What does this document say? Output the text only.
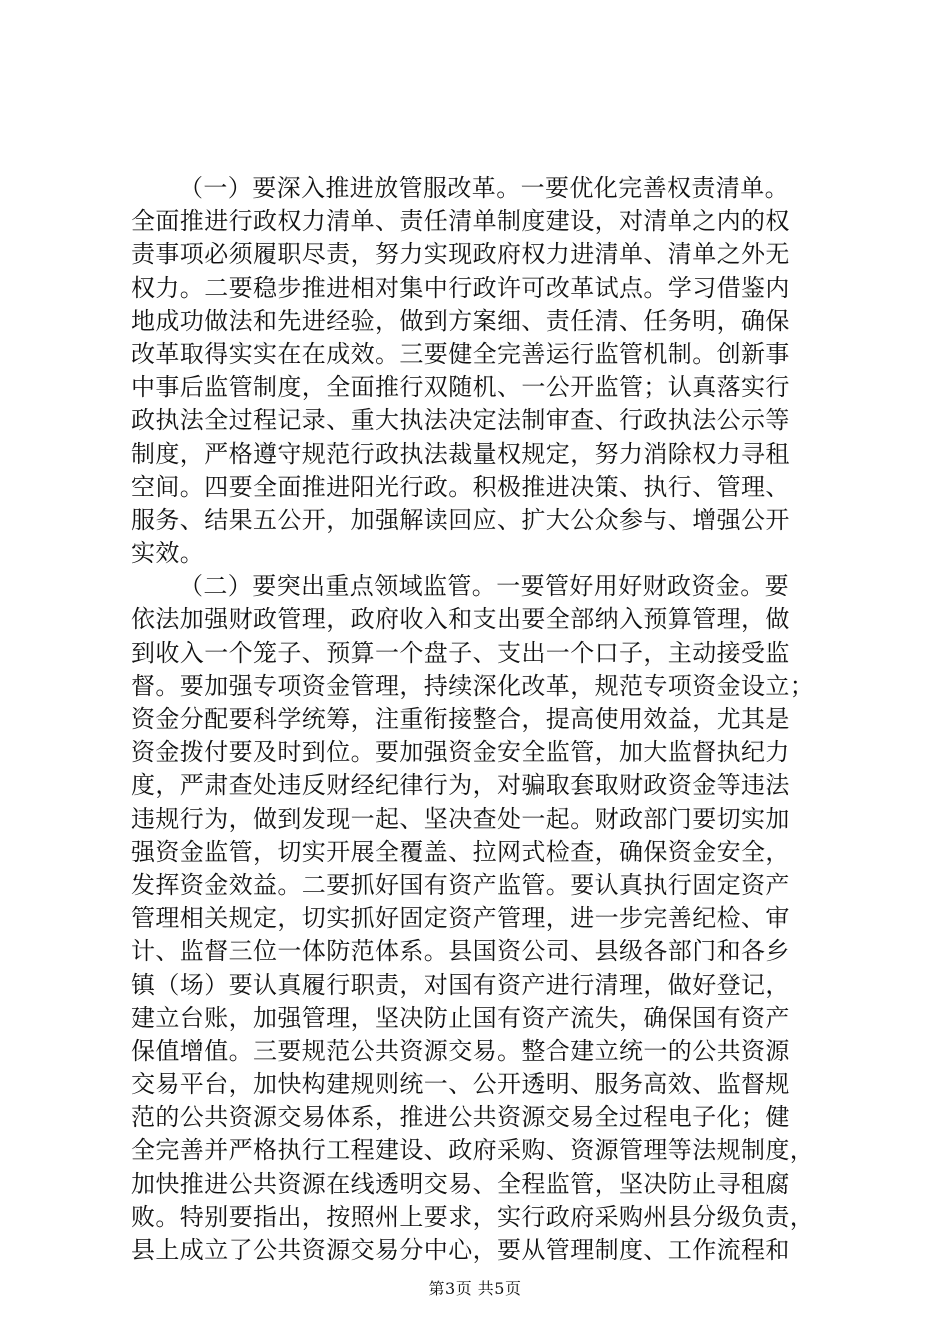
（一）要深入推进放管服改革。一要优化完善权责清单。
全面推进行政权力清单、责任清单制度建设，对清单之内的权
责事项必须履职尽责，努力实现政府权力进清单、清单之外无
权力。二要稳步推进相对集中行政许可改革试点。学习借鉴内
地成功做法和先进经验，做到方案细、责任清、任务明，确保
改革取得实实在在成效。三要健全完善运行监管机制。创新事
中事后监管制度，全面推行双随机、一公开监管；认真落实行
政执法全过程记录、重大执法决定法制审查、行政执法公示等
制度，严格遵守规范行政执法裁量权规定，努力消除权力寻租
空间。四要全面推进阳光行政。积极推进决策、执行、管理、
服务、结果五公开，加强解读回应、扩大公众参与、增强公开
实效。
（二）要突出重点领域监管。一要管好用好财政资金。要
依法加强财政管理，政府收入和支出要全部纳入预算管理，做
到收入一个笼子、预算一个盘子、支出一个口子，主动接受监
督。要加强专项资金管理，持续深化改革，规范专项资金设立；
资金分配要科学统筹，注重衔接整合，提高使用效益，尤其是
资金拨付要及时到位。要加强资金安全监管，加大监督执纪力
度，严肃查处违反财经纪律行为，对骗取套取财政资金等违法
违规行为，做到发现一起、坚决查处一起。财政部门要切实加
强资金监管，切实开展全覆盖、拉网式检查，确保资金安全，
发挥资金效益。二要抓好国有资产监管。要认真执行固定资产
管理相关规定，切实抓好固定资产管理，进一步完善纪检、审
计、监督三位一体防范体系。县国资公司、县级各部门和各乡
镇（场）要认真履行职责，对国有资产进行清理，做好登记，
建立台账，加强管理，坚决防止国有资产流失，确保国有资产
保值增值。三要规范公共资源交易。整合建立统一的公共资源
交易平台，加快构建规则统一、公开透明、服务高效、监督规
范的公共资源交易体系，推进公共资源交易全过程电子化；健
全完善并严格执行工程建设、政府采购、资源管理等法规制度，
加快推进公共资源在线透明交易、全程监管，坚决防止寻租腐
败。特别要指出，按照州上要求，实行政府采购州县分级负责，
县上成立了公共资源交易分中心，要从管理制度、工作流程和
第3页 共5页
